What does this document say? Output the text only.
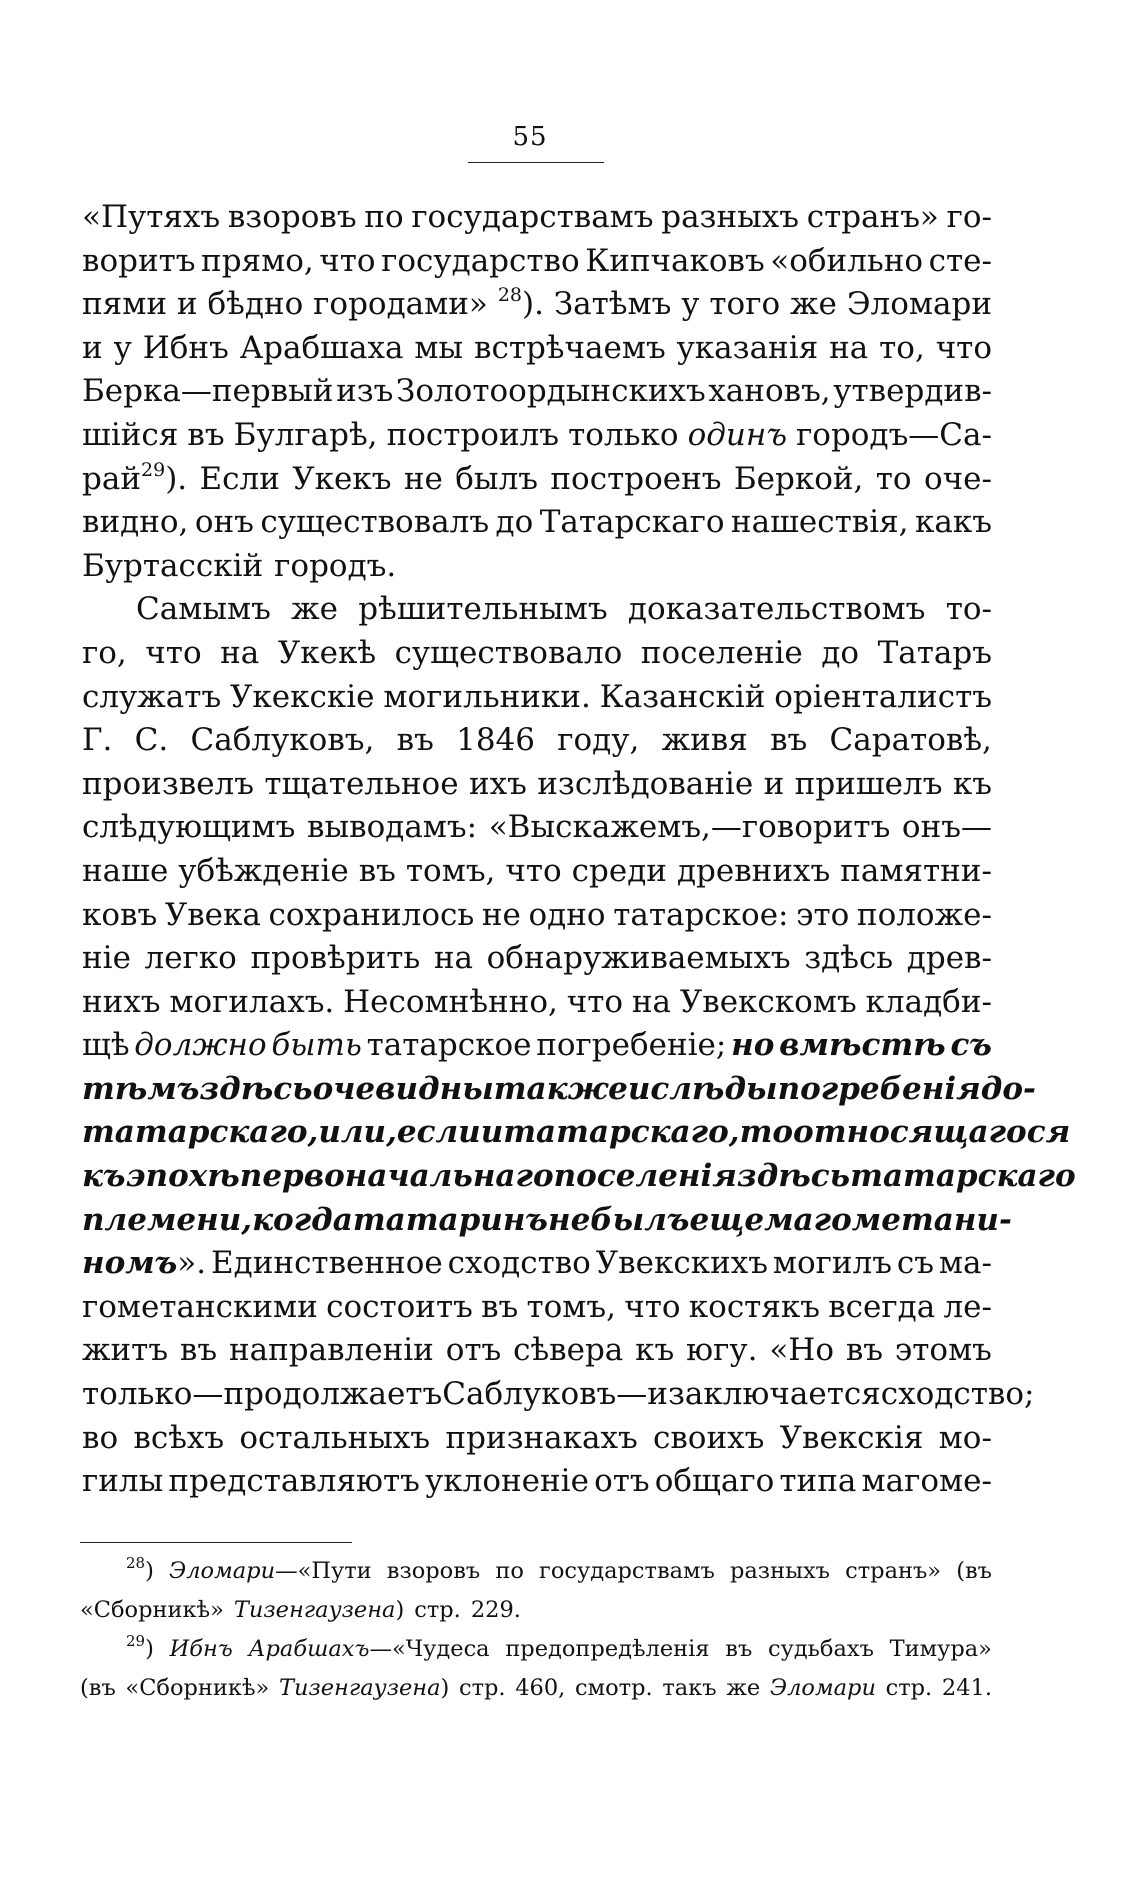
55
«Путяхъ взоровъ по государствамъ разныхъ странъ» го-
воритъ прямо, что государство Кипчаковъ «обильно сте-
пями и бѣдно городами» $^{28}$). Затѣмъ у того же Эломари
и у Ибнъ Арабшаха мы встрѣчаемъ указанія на то, что
Берка—первый изъ Золотоордынскихъ хановъ, утвердив-
шійся въ Булгарѣ, построилъ только одинъ городъ—Са-
рай$^{29}$). Если Укекъ не былъ построенъ Беркой, то оче-
видно, онъ существовалъ до Татарскаго нашествія, какъ
Буртасскій городъ.
Самымъ же рѣшительнымъ доказательствомъ то-
го, что на Укекѣ существовало поселеніе до Татаръ
служатъ Укекскіе могильники. Казанскій оріенталистъ
Г. С. Саблуковъ, въ 1846 году, живя въ Саратовѣ,
произвелъ тщательное ихъ изслѣдованіе и пришелъ къ
слѣдующимъ выводамъ: «Выскажемъ,—говоритъ онъ—
наше убѣжденіе въ томъ, что среди древнихъ памятни-
ковъ Увека сохранилось не одно татарское: это положе-
ніе легко провѣрить на обнаруживаемыхъ здѣсь древ-
нихъ могилахъ. Несомнѣнно, что на Увекскомъ кладби-
щѣ должно быть татарское погребеніе; но вмѣстѣ съ
тѣмъ здѣсь очевидны также и слѣды погребенія до-
татарскаго, или, если и татарскаго, то относящагося
къ эпохѣ первоначальнаго поселенія здѣсь татарскаго
племени, когда татаринъ не былъ еще магометани-
номъ». Единственное сходство Увекскихъ могилъ съ ма-
гометанскими состоитъ въ томъ, что костякъ всегда ле-
житъ въ направленіи отъ сѣвера къ югу. «Но въ этомъ
только—продолжаетъ Саблуковъ—и заключается сходство;
во всѣхъ остальныхъ признакахъ своихъ Увекскія мо-
гилы представляютъ уклоненіе отъ общаго типа магоме-
$^{28}$) Эломари—«Пути взоровъ по государствамъ разныхъ странъ» (въ
«Сборникѣ» Тизенгаузена) стр. 229.
$^{29}$) Ибнъ Арабшахъ—«Чудеса предопредѣленія въ судьбахъ Тимура»
(въ «Сборникѣ» Тизенгаузена) стр. 460, смотр. такъ же Эломари стр. 241.
